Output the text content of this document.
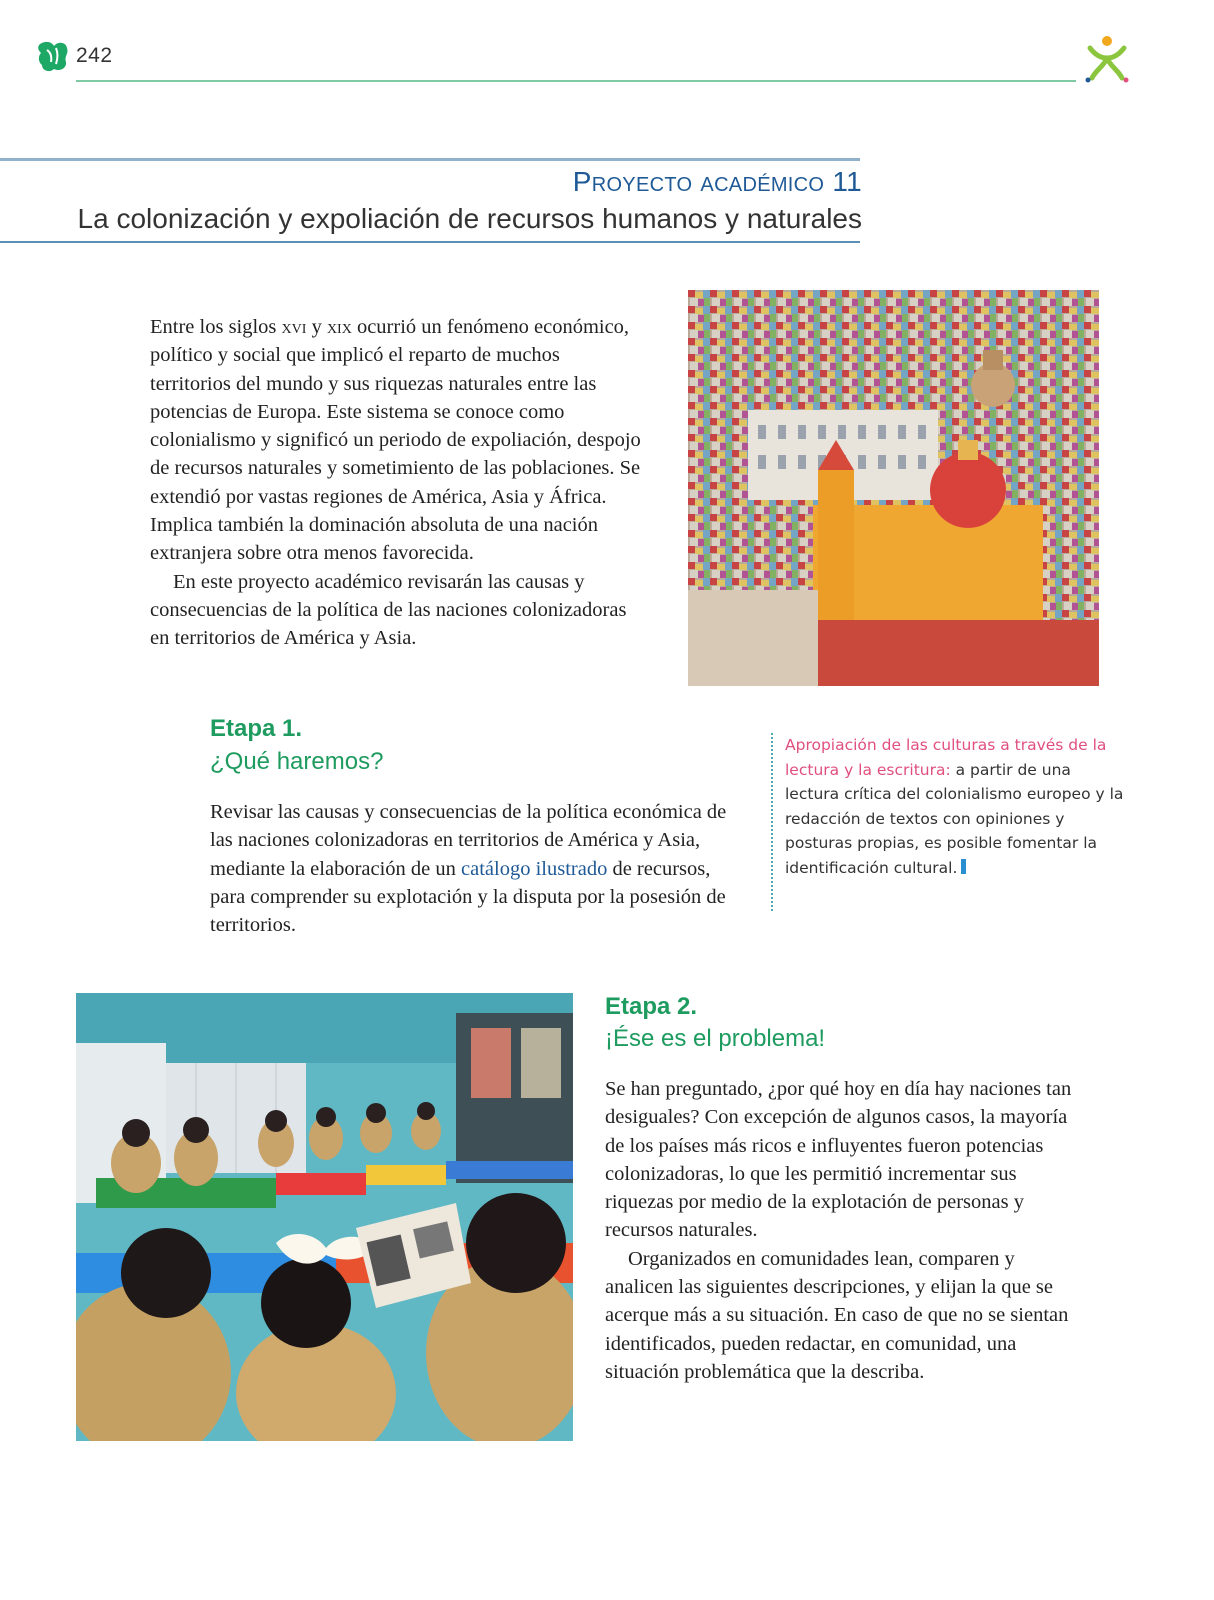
242
Proyecto académico 11
La colonización y expoliación de recursos humanos y naturales

Entre los siglos xvi y xix ocurrió un fenómeno económico, político y social que implicó el reparto de muchos territorios del mundo y sus riquezas naturales entre las potencias de Europa. Este sistema se conoce como colonialismo y significó un periodo de expoliación, despojo de recursos naturales y sometimiento de las poblaciones. Se extendió por vastas regiones de América, Asia y África. Implica también la dominación absoluta de una nación extranjera sobre otra menos favorecida.

En este proyecto académico revisarán las causas y consecuencias de la política de las naciones colonizadoras en territorios de América y Asia.

Etapa 1.
¿Qué haremos?
Revisar las causas y consecuencias de la política económica de las naciones colonizadoras en territorios de América y Asia, mediante la elaboración de un catálogo ilustrado de recursos, para comprender su explotación y la disputa por la posesión de territorios.
Apropiación de las culturas a través de la lectura y la escritura: a partir de una lectura crítica del colonialismo europeo y la redacción de textos con opiniones y posturas propias, es posible fomentar la identificación cultural.
Etapa 2.
¡Ése es el problema!

Se han preguntado, ¿por qué hoy en día hay naciones tan desiguales? Con excepción de algunos casos, la mayoría de los países más ricos e influyentes fueron potencias colonizadoras, lo que les permitió incrementar sus riquezas por medio de la explotación de personas y recursos naturales.

Organizados en comunidades lean, comparen y analicen las siguientes descripciones, y elijan la que se acerque más a su situación. En caso de que no se sientan identificados, pueden redactar, en comunidad, una situación problemática que la describa.
